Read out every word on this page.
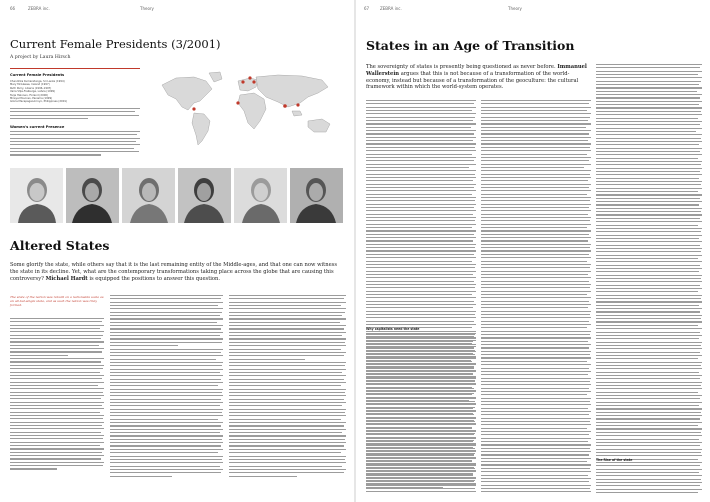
66	ZEBRA inc.	Theory
Current Female Presidents (3/2001)
A project by Laura Hirsch
Current Female Presidents
Chandrika Kumaratunga, Sri Lanka (1994)
Mary McAleese, Ireland (1997)
Ruth Perry, Liberia (1996–1997)
Vaira Vīķe-Freiberga, Latvia (1999)
Tarja Halonen, Finland (2000)
Mireya Moscoso, Panama (1999)
Gloria Macapagal-Arroyo, Philippines (2001)
Women's current Presence
Altered States

Some glorify the state, while others say that it is the last remaining entity of the Middle-ages, and that one can now witness the state in its decline. Yet, what are the contemporary transformations taking place across the globe that are causing this controversy? Michael Hardt is equipped the positions to answer this question.

The state of the nation was rebuilt on a nationwide scale as an all-but-single state, and as such the nation was truly formed.
67	ZEBRA inc.	Theory
States in an Age of Transition

The sovereignty of states is presently being questioned as never before. Immanuel Wallerstein argues that this is not because of a transformation of the world-economy, instead but because of a transformation of the geoculture: the cultural framework within which the world-system operates.

Why capitalists need the state
The Rise of the state
